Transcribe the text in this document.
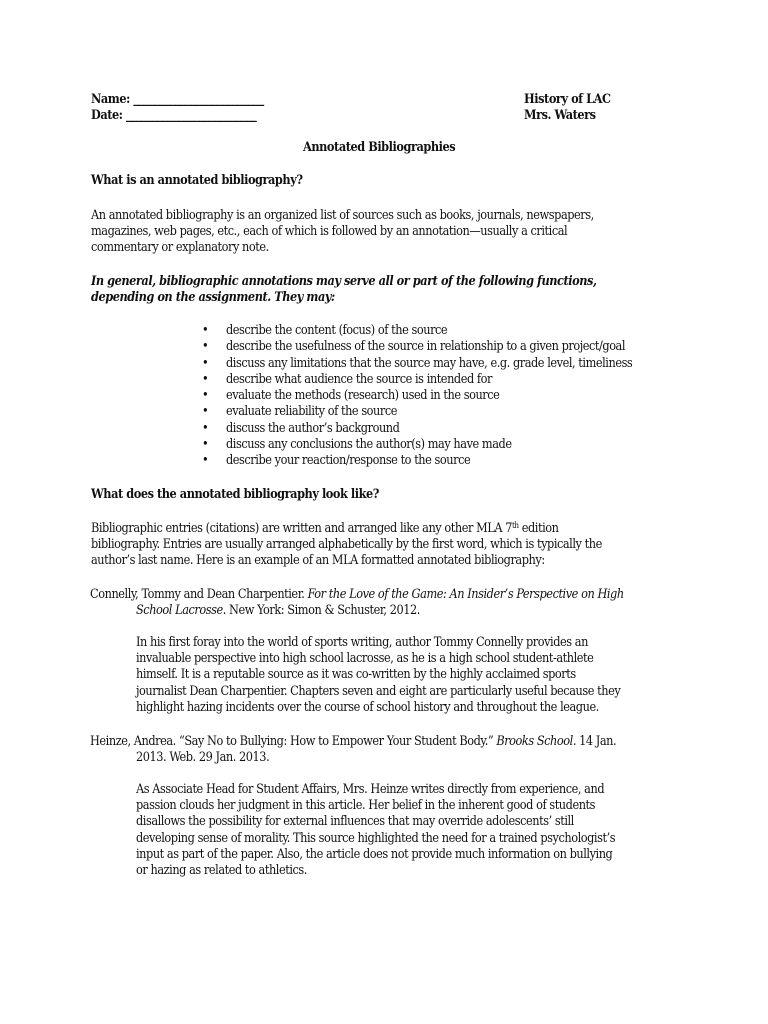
Name: _________________________
Date: _________________________
History of LAC
Mrs. Waters
Annotated Bibliographies
What is an annotated bibliography?
An annotated bibliography is an organized list of sources such as books, journals, newspapers,
magazines, web pages, etc., each of which is followed by an annotation—usually a critical
commentary or explanatory note.
In general, bibliographic annotations may serve all or part of the following functions,
depending on the assignment. They may:
• describe the content (focus) of the source
• describe the usefulness of the source in relationship to a given project/goal
• discuss any limitations that the source may have, e.g. grade level, timeliness
• describe what audience the source is intended for
• evaluate the methods (research) used in the source
• evaluate reliability of the source
• discuss the author’s background
• discuss any conclusions the author(s) may have made
• describe your reaction/response to the source
What does the annotated bibliography look like?
Bibliographic entries (citations) are written and arranged like any other MLA 7th edition
bibliography. Entries are usually arranged alphabetically by the first word, which is typically the
author’s last name. Here is an example of an MLA formatted annotated bibliography:
Connelly, Tommy and Dean Charpentier. For the Love of the Game: An Insider’s Perspective on High
School Lacrosse. New York: Simon & Schuster, 2012.
In his first foray into the world of sports writing, author Tommy Connelly provides an
invaluable perspective into high school lacrosse, as he is a high school student-athlete
himself. It is a reputable source as it was co-written by the highly acclaimed sports
journalist Dean Charpentier. Chapters seven and eight are particularly useful because they
highlight hazing incidents over the course of school history and throughout the league.
Heinze, Andrea. “Say No to Bullying: How to Empower Your Student Body.” Brooks School. 14 Jan.
2013. Web. 29 Jan. 2013.
As Associate Head for Student Affairs, Mrs. Heinze writes directly from experience, and
passion clouds her judgment in this article. Her belief in the inherent good of students
disallows the possibility for external influences that may override adolescents’ still
developing sense of morality. This source highlighted the need for a trained psychologist’s
input as part of the paper. Also, the article does not provide much information on bullying
or hazing as related to athletics.
